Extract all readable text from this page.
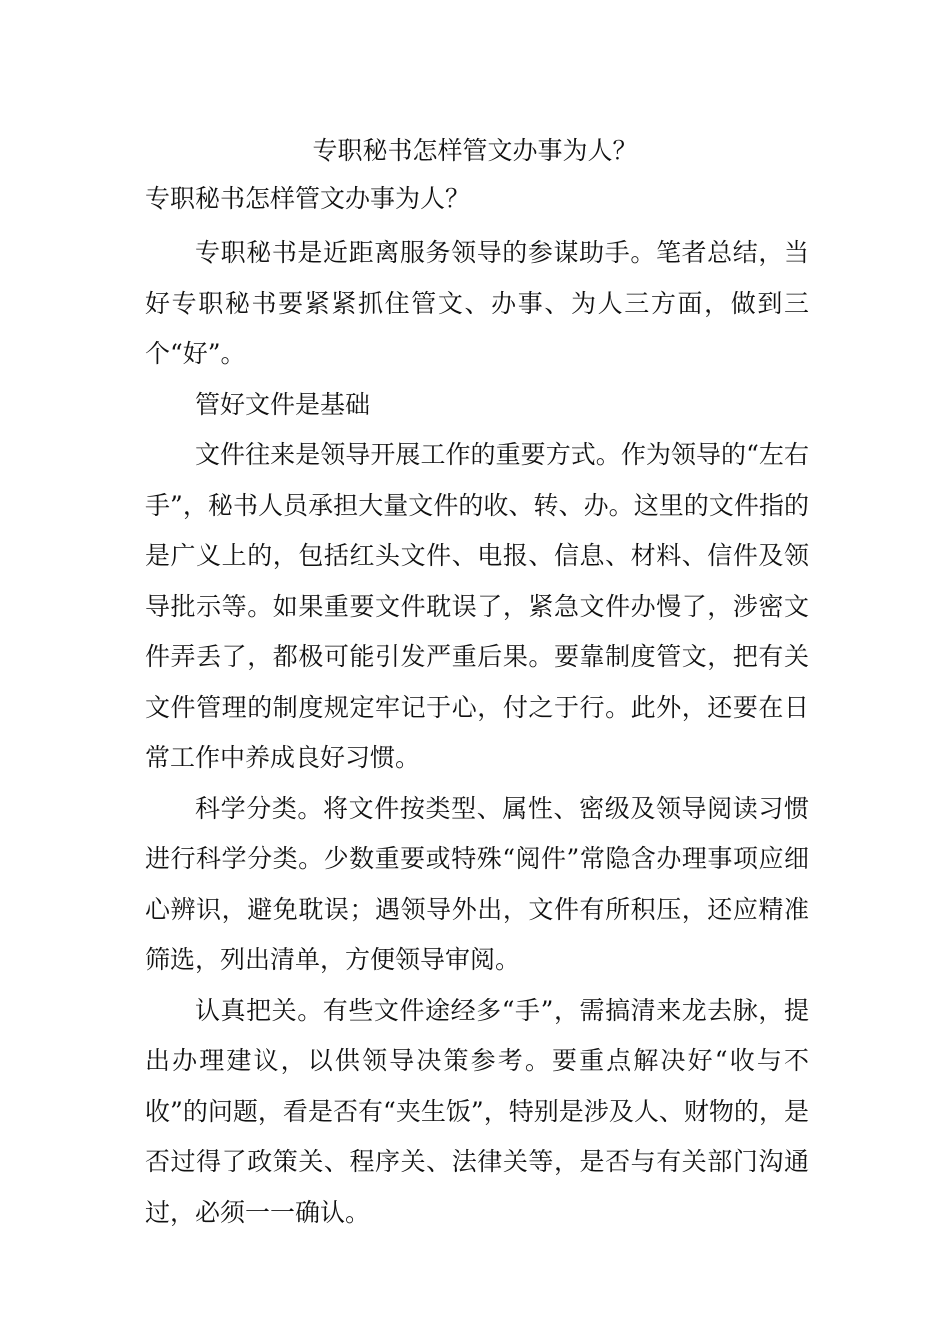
专职秘书怎样管文办事为人？

专职秘书怎样管文办事为人？

专职秘书是近距离服务领导的参谋助手。笔者总结，当好专职秘书要紧紧抓住管文、办事、为人三方面，做到三个“好”。

管好文件是基础

文件往来是领导开展工作的重要方式。作为领导的“左右手”，秘书人员承担大量文件的收、转、办。这里的文件指的是广义上的，包括红头文件、电报、信息、材料、信件及领导批示等。如果重要文件耽误了，紧急文件办慢了，涉密文件弄丢了，都极可能引发严重后果。要靠制度管文，把有关文件管理的制度规定牢记于心，付之于行。此外，还要在日常工作中养成良好习惯。

科学分类。将文件按类型、属性、密级及领导阅读习惯进行科学分类。少数重要或特殊“阅件”常隐含办理事项应细心辨识，避免耽误；遇领导外出，文件有所积压，还应精准筛选，列出清单，方便领导审阅。

认真把关。有些文件途经多“手”，需搞清来龙去脉，提出办理建议，以供领导决策参考。要重点解决好“收与不收”的问题，看是否有“夹生饭”，特别是涉及人、财物的，是否过得了政策关、程序关、法律关等，是否与有关部门沟通过，必须一一确认。
